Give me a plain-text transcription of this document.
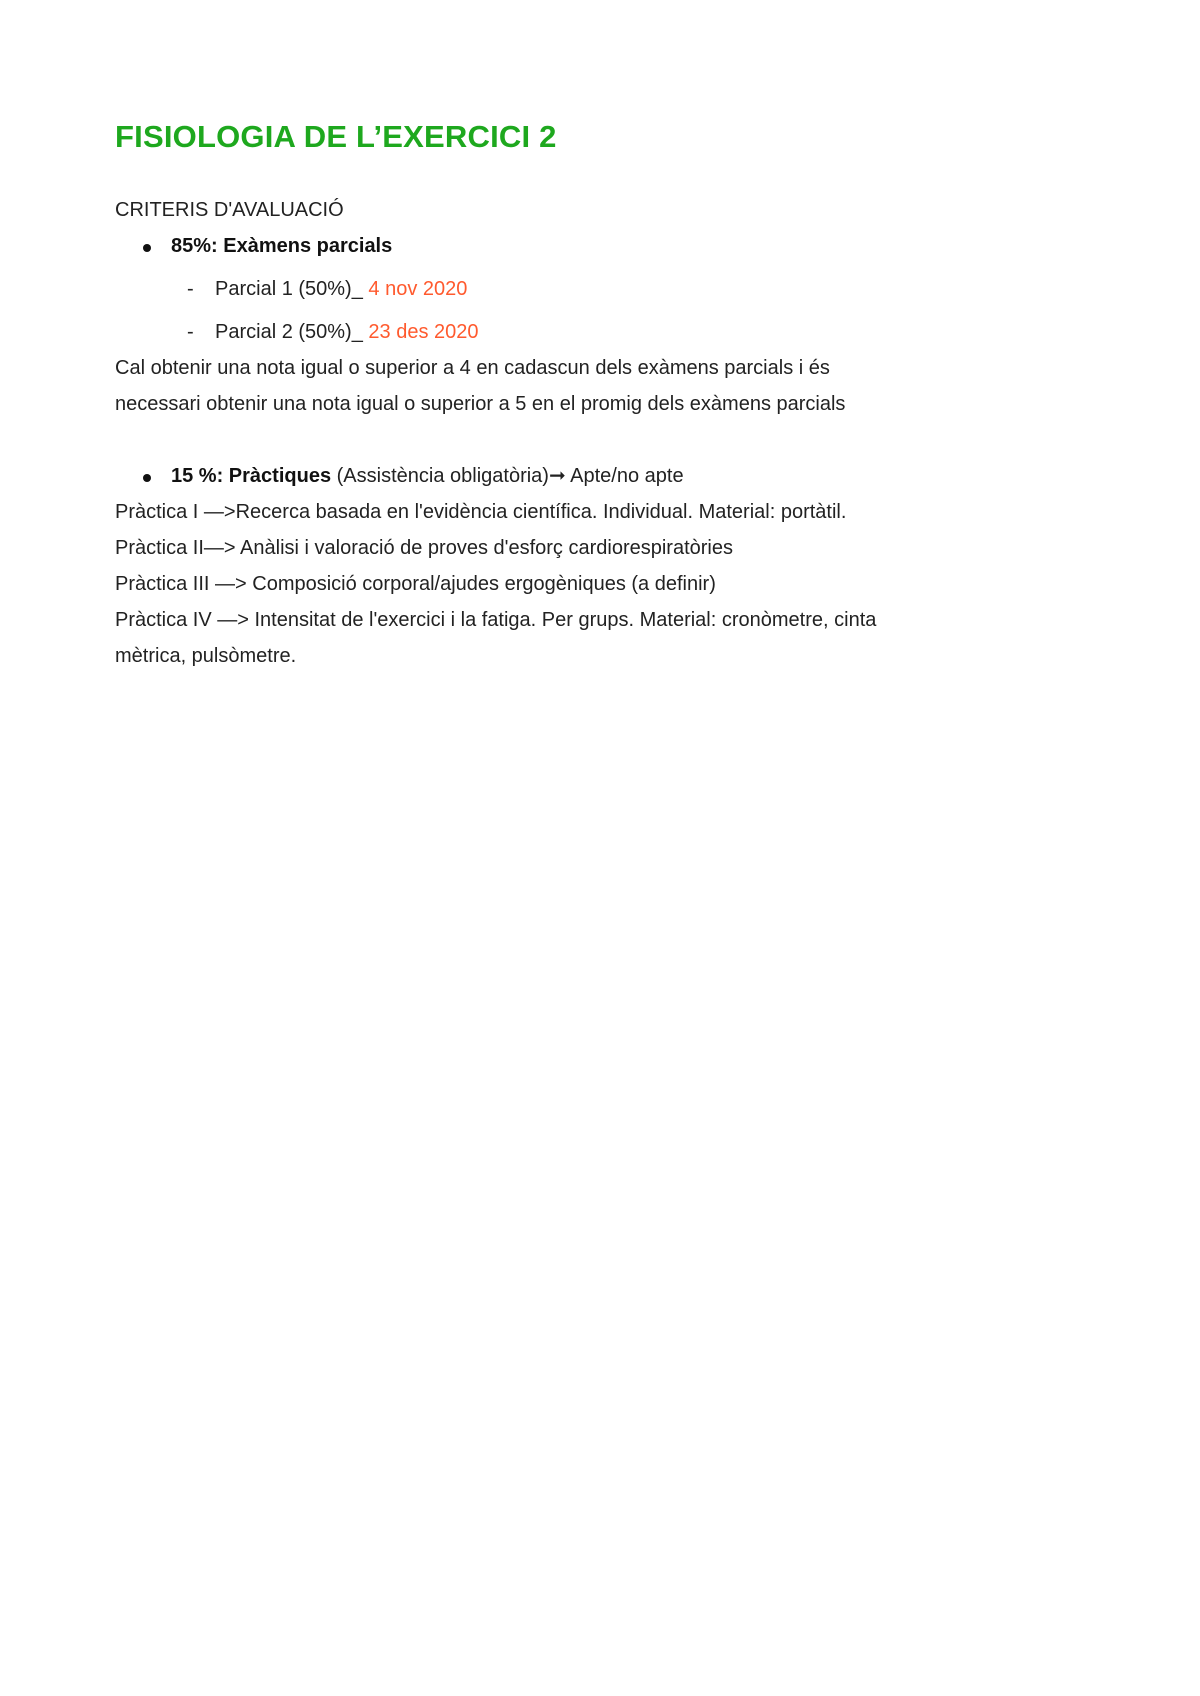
FISIOLOGIA DE L’EXERCICI 2

CRITERIS D'AVALUACIÓ

85%: Exàmens parcials
- Parcial 1 (50%)_ 4 nov 2020
- Parcial 2 (50%)_ 23 des 2020

Cal obtenir una nota igual o superior a 4 en cadascun dels exàmens parcials i és

necessari obtenir una nota igual o superior a 5 en el promig dels exàmens parcials

15 %: Pràctiques (Assistència obligatòria)➞ Apte/no apte

Pràctica I —>Recerca basada en l'evidència científica. Individual. Material: portàtil.

Pràctica II—> Anàlisi i valoració de proves d'esforç cardiorespiratòries

Pràctica III —> Composició corporal/ajudes ergogèniques (a definir)

Pràctica IV —> Intensitat de l'exercici i la fatiga. Per grups. Material: cronòmetre, cinta

mètrica, pulsòmetre.
